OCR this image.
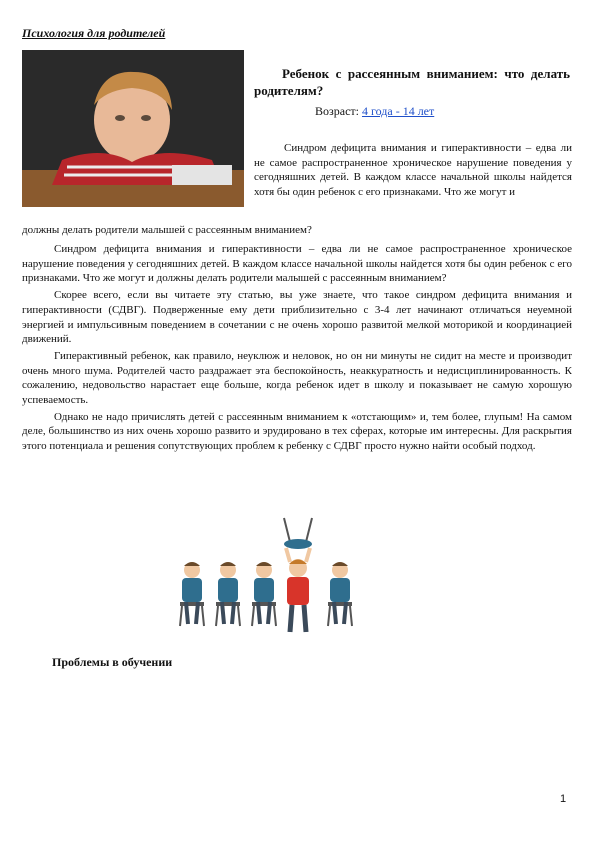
Психология для родителей
Ребенок с рассеянным вниманием: что делать родителям?
Возраст: 4 года - 14 лет
Синдром дефицита внимания и гиперактивности – едва ли не самое распространенное хроническое нарушение поведения у сегодняшних детей. В каждом классе начальной школы найдется хотя бы один ребенок с его признаками. Что же могут и
должны делать родители малышей с рассеянным вниманием?

Синдром дефицита внимания и гиперактивности – едва ли не самое распространенное хроническое нарушение поведения у сегодняшних детей. В каждом классе начальной школы найдется хотя бы один ребенок с его признаками. Что же могут и должны делать родители малышей с рассеянным вниманием?

Скорее всего, если вы читаете эту статью, вы уже знаете, что такое синдром дефицита внимания и гиперактивности (СДВГ). Подверженные ему дети приблизительно с 3-4 лет начинают отличаться неуемной энергией и импульсивным поведением в сочетании с не очень хорошо развитой мелкой моторикой и координацией движений.

Гиперактивный ребенок, как правило, неуклюж и неловок, но он ни минуты не сидит на месте и производит очень много шума. Родителей часто раздражает эта беспокойность, неаккуратность и недисциплинированность. К сожалению, недовольство нарастает еще больше, когда ребенок идет в школу и показывает не самую хорошую успеваемость.

Однако не надо причислять детей с рассеянным вниманием к «отстающим» и, тем более, глупым! На самом деле, большинство из них очень хорошо развито и эрудировано в тех сферах, которые им интересны. Для раскрытия этого потенциала и решения сопутствующих проблем к ребенку с СДВГ просто нужно найти особый подход.

Проблемы в обучении
1
